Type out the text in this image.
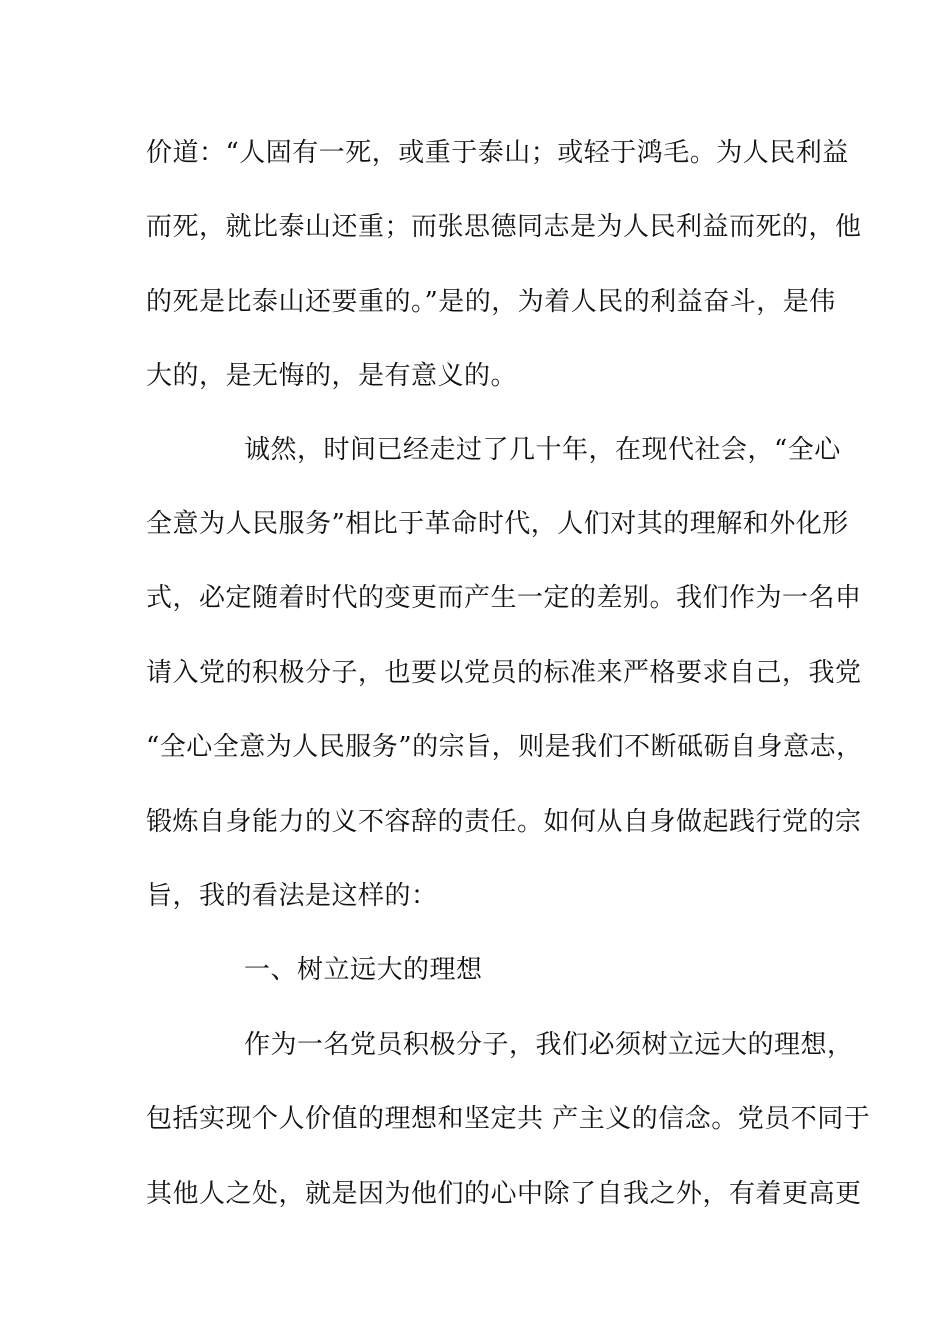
价道：“人固有一死，或重于泰山；或轻于鸿毛。为人民利益
而死，就比泰山还重；而张思德同志是为人民利益而死的，他
的死是比泰山还要重的。”是的，为着人民的利益奋斗，是伟
大的，是无悔的，是有意义的。
诚然，时间已经走过了几十年，在现代社会，“全心
全意为人民服务”相比于革命时代，人们对其的理解和外化形
式，必定随着时代的变更而产生一定的差别。我们作为一名申
请入党的积极分子，也要以党员的标准来严格要求自己，我党
“全心全意为人民服务”的宗旨，则是我们不断砥砺自身意志，
锻炼自身能力的义不容辞的责任。如何从自身做起践行党的宗
旨，我的看法是这样的：
一、树立远大的理想
作为一名党员积极分子，我们必须树立远大的理想，
包括实现个人价值的理想和坚定共 产主义的信念。党员不同于
其他人之处，就是因为他们的心中除了自我之外，有着更高更
